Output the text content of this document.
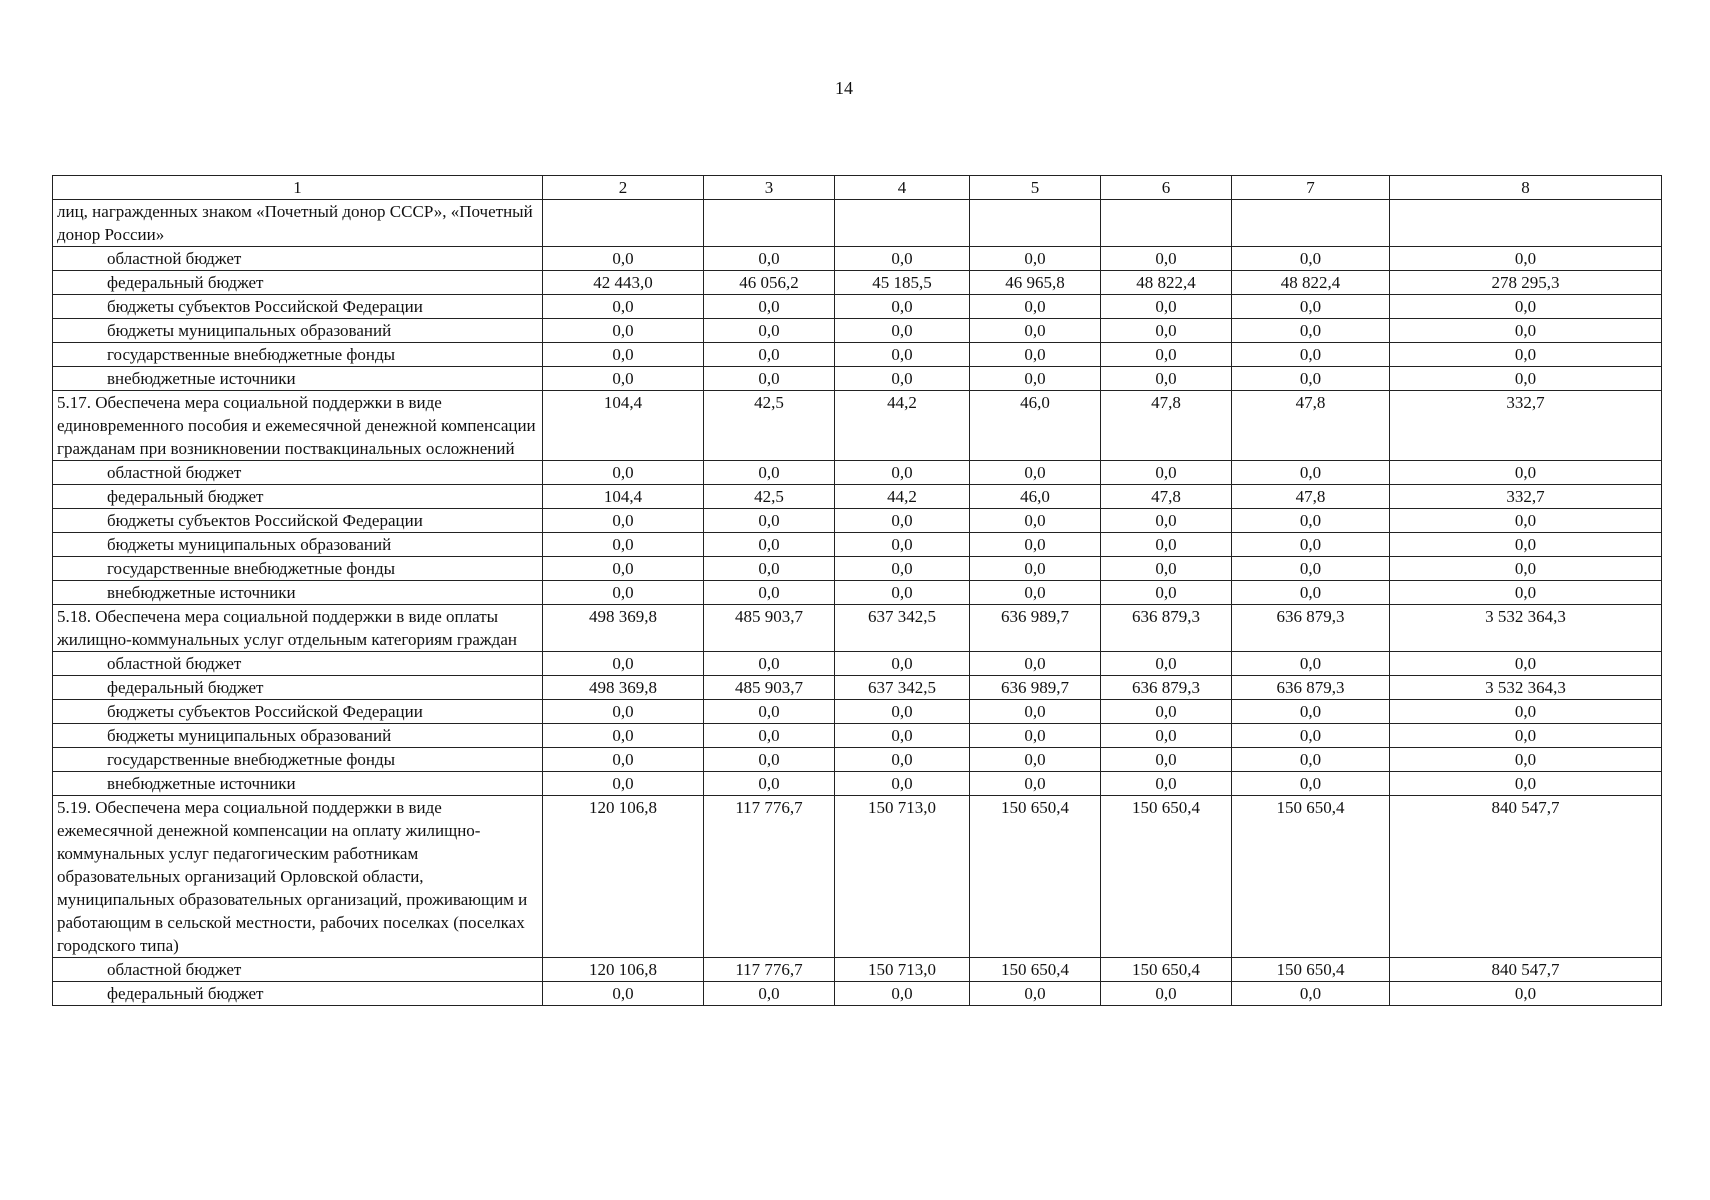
14
1	2	3	4	5	6	7	8
лиц, награжденных знаком «Почетный донор СССР», «Почетный донор России»							
областной бюджет	0,0	0,0	0,0	0,0	0,0	0,0	0,0
федеральный бюджет	42 443,0	46 056,2	45 185,5	46 965,8	48 822,4	48 822,4	278 295,3
бюджеты субъектов Российской Федерации	0,0	0,0	0,0	0,0	0,0	0,0	0,0
бюджеты муниципальных образований	0,0	0,0	0,0	0,0	0,0	0,0	0,0
государственные внебюджетные фонды	0,0	0,0	0,0	0,0	0,0	0,0	0,0
внебюджетные источники	0,0	0,0	0,0	0,0	0,0	0,0	0,0
5.17. Обеспечена мера социальной поддержки в виде единовременного пособия и ежемесячной денежной компенсации гражданам при возникновении поствакцинальных осложнений	104,4	42,5	44,2	46,0	47,8	47,8	332,7
областной бюджет	0,0	0,0	0,0	0,0	0,0	0,0	0,0
федеральный бюджет	104,4	42,5	44,2	46,0	47,8	47,8	332,7
бюджеты субъектов Российской Федерации	0,0	0,0	0,0	0,0	0,0	0,0	0,0
бюджеты муниципальных образований	0,0	0,0	0,0	0,0	0,0	0,0	0,0
государственные внебюджетные фонды	0,0	0,0	0,0	0,0	0,0	0,0	0,0
внебюджетные источники	0,0	0,0	0,0	0,0	0,0	0,0	0,0
5.18. Обеспечена мера социальной поддержки в виде оплаты жилищно-коммунальных услуг отдельным категориям граждан	498 369,8	485 903,7	637 342,5	636 989,7	636 879,3	636 879,3	3 532 364,3
областной бюджет	0,0	0,0	0,0	0,0	0,0	0,0	0,0
федеральный бюджет	498 369,8	485 903,7	637 342,5	636 989,7	636 879,3	636 879,3	3 532 364,3
бюджеты субъектов Российской Федерации	0,0	0,0	0,0	0,0	0,0	0,0	0,0
бюджеты муниципальных образований	0,0	0,0	0,0	0,0	0,0	0,0	0,0
государственные внебюджетные фонды	0,0	0,0	0,0	0,0	0,0	0,0	0,0
внебюджетные источники	0,0	0,0	0,0	0,0	0,0	0,0	0,0
5.19. Обеспечена мера социальной поддержки в виде ежемесячной денежной компенсации на оплату жилищно-коммунальных услуг педагогическим работникам образовательных организаций Орловской области, муниципальных образовательных организаций, проживающим и работающим в сельской местности, рабочих поселках (поселках городского типа)	120 106,8	117 776,7	150 713,0	150 650,4	150 650,4	150 650,4	840 547,7
областной бюджет	120 106,8	117 776,7	150 713,0	150 650,4	150 650,4	150 650,4	840 547,7
федеральный бюджет	0,0	0,0	0,0	0,0	0,0	0,0	0,0
